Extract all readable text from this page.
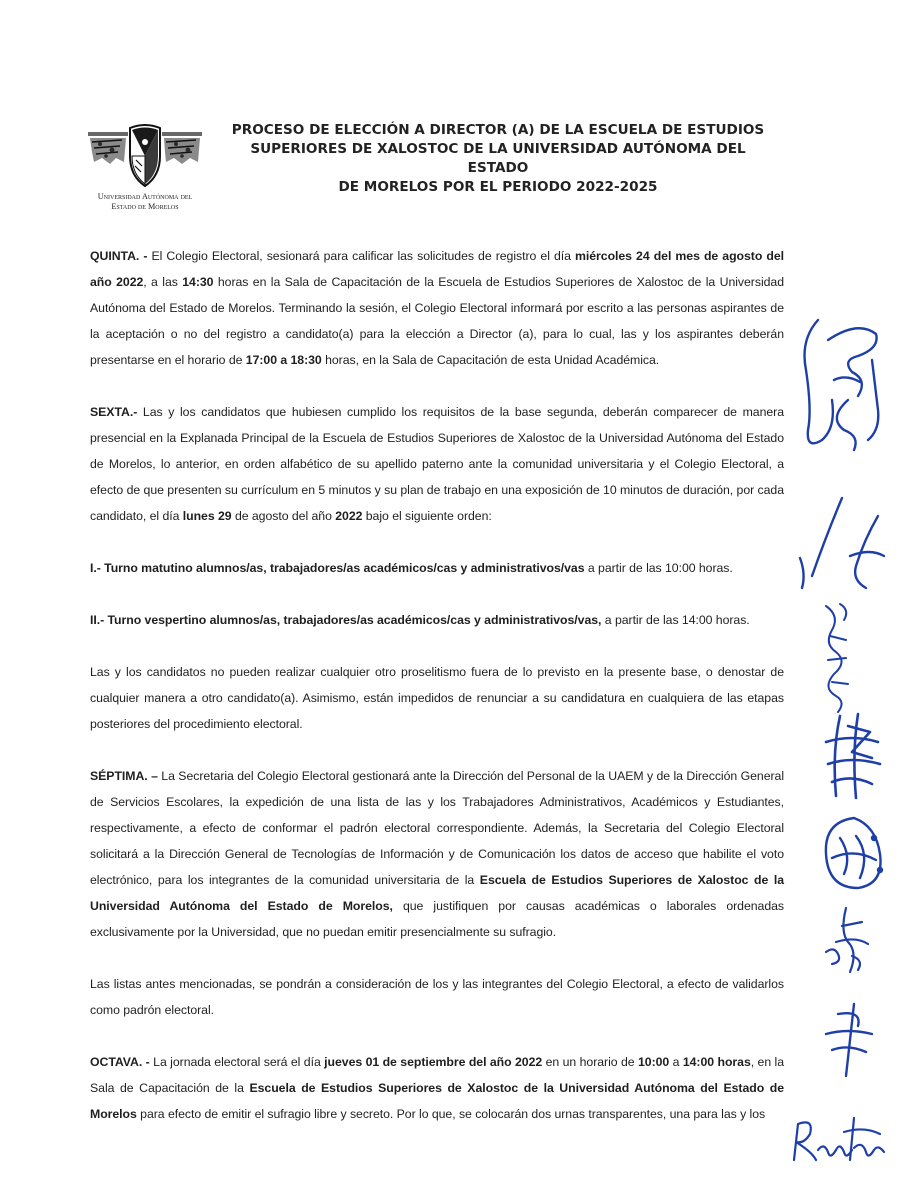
Universidad Autónoma del
Estado de Morelos
PROCESO DE ELECCIÓN A DIRECTOR (A) DE LA ESCUELA DE ESTUDIOS
SUPERIORES DE XALOSTOC DE LA UNIVERSIDAD AUTÓNOMA DEL ESTADO
DE MORELOS POR EL PERIODO 2022-2025

QUINTA. - El Colegio Electoral, sesionará para calificar las solicitudes de registro el día miércoles 24 del mes de agosto del año 2022, a las 14:30 horas en la Sala de Capacitación de la Escuela de Estudios Superiores de Xalostoc de la Universidad Autónoma del Estado de Morelos. Terminando la sesión, el Colegio Electoral informará por escrito a las personas aspirantes de la aceptación o no del registro a candidato(a) para la elección a Director (a), para lo cual, las y los aspirantes deberán presentarse en el horario de 17:00 a 18:30 horas, en la Sala de Capacitación de esta Unidad Académica.

SEXTA.- Las y los candidatos que hubiesen cumplido los requisitos de la base segunda, deberán comparecer de manera presencial en la Explanada Principal de la Escuela de Estudios Superiores de Xalostoc de la Universidad Autónoma del Estado de Morelos, lo anterior, en orden alfabético de su apellido paterno ante la comunidad universitaria y el Colegio Electoral, a efecto de que presenten su currículum en 5 minutos y su plan de trabajo en una exposición de 10 minutos de duración, por cada candidato, el día lunes 29 de agosto del año 2022 bajo el siguiente orden:

I.- Turno matutino alumnos/as, trabajadores/as académicos/cas y administrativos/vas a partir de las 10:00 horas.

II.- Turno vespertino alumnos/as, trabajadores/as académicos/cas y administrativos/vas, a partir de las 14:00 horas.

Las y los candidatos no pueden realizar cualquier otro proselitismo fuera de lo previsto en la presente base, o denostar de cualquier manera a otro candidato(a). Asimismo, están impedidos de renunciar a su candidatura en cualquiera de las etapas posteriores del procedimiento electoral.

SÉPTIMA. – La Secretaria del Colegio Electoral gestionará ante la Dirección del Personal de la UAEM y de la Dirección General de Servicios Escolares, la expedición de una lista de las y los Trabajadores Administrativos, Académicos y Estudiantes, respectivamente, a efecto de conformar el padrón electoral correspondiente. Además, la Secretaria del Colegio Electoral solicitará a la Dirección General de Tecnologías de Información y de Comunicación los datos de acceso que habilite el voto electrónico, para los integrantes de la comunidad universitaria de la Escuela de Estudios Superiores de Xalostoc de la Universidad Autónoma del Estado de Morelos, que justifiquen por causas académicas o laborales ordenadas exclusivamente por la Universidad, que no puedan emitir presencialmente su sufragio.

Las listas antes mencionadas, se pondrán a consideración de los y las integrantes del Colegio Electoral, a efecto de validarlos como padrón electoral.

OCTAVA. - La jornada electoral será el día jueves 01 de septiembre del año 2022 en un horario de 10:00 a 14:00 horas, en la Sala de Capacitación de la Escuela de Estudios Superiores de Xalostoc de la Universidad Autónoma del Estado de Morelos para efecto de emitir el sufragio libre y secreto. Por lo que, se colocarán dos urnas transparentes, una para las y los
